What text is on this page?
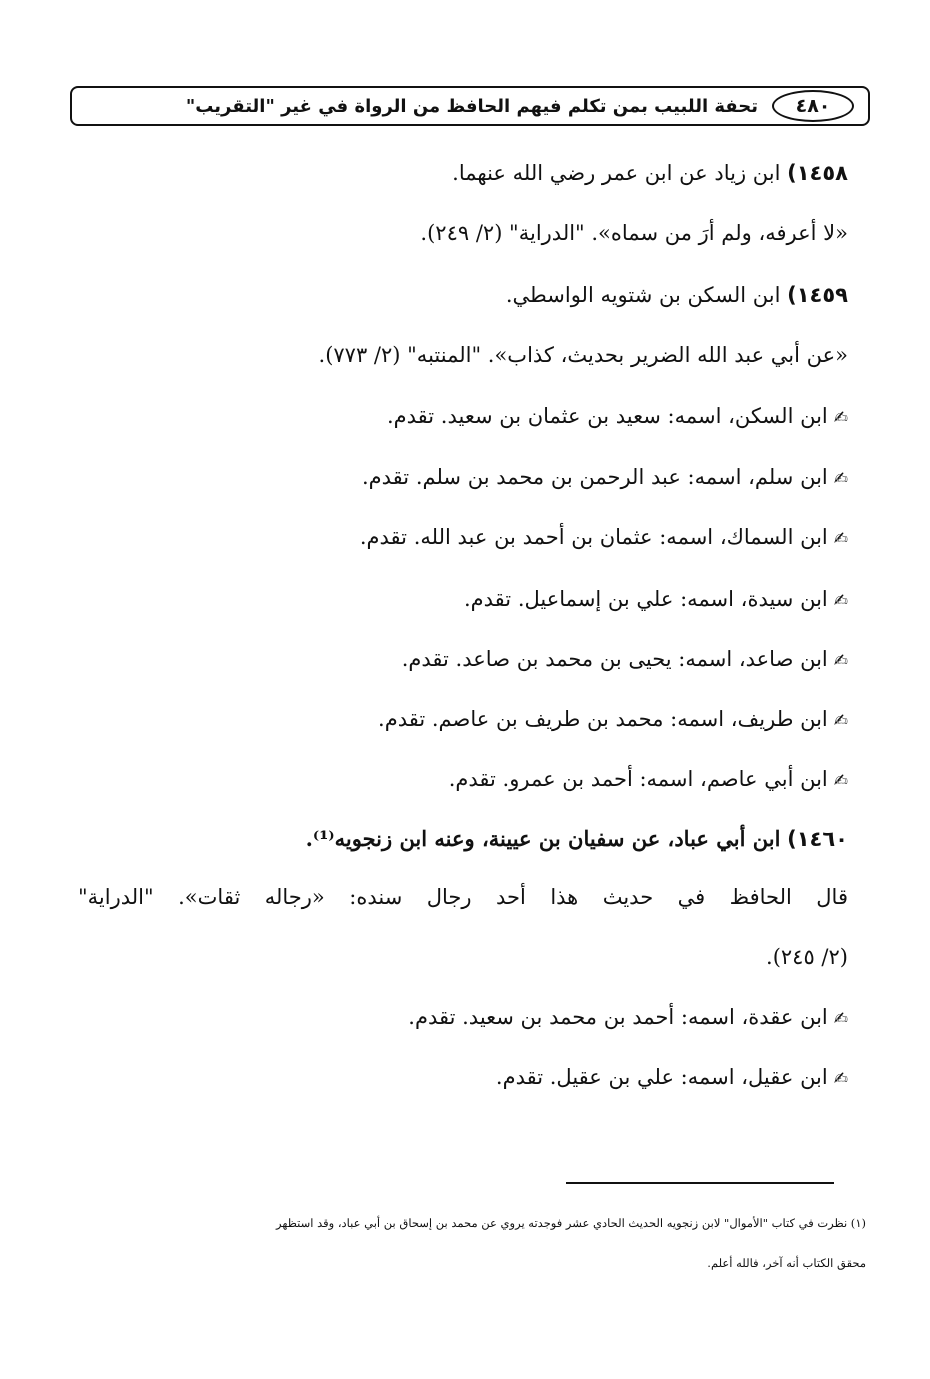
٤٨٠
تحفة اللبيب بمن تكلم فيهم الحافظ من الرواة في غير "التقريب"
١٤٥٨) ابن زياد عن ابن عمر رضي الله عنهما.
«لا أعرفه، ولم أرَ من سماه». "الدراية" (٢/ ٢٤٩).
١٤٥٩) ابن السكن بن شتويه الواسطي.
«عن أبي عبد الله الضرير بحديث، كذاب». "المنتبه" (٢/ ٧٧٣).
✍ابن السكن، اسمه: سعيد بن عثمان بن سعيد. تقدم.
✍ابن سلم، اسمه: عبد الرحمن بن محمد بن سلم. تقدم.
✍ابن السماك، اسمه: عثمان بن أحمد بن عبد الله. تقدم.
✍ابن سيدة، اسمه: علي بن إسماعيل. تقدم.
✍ابن صاعد، اسمه: يحيى بن محمد بن صاعد. تقدم.
✍ابن طريف، اسمه: محمد بن طريف بن عاصم. تقدم.
✍ابن أبي عاصم، اسمه: أحمد بن عمرو. تقدم.
١٤٦٠) ابن أبي عباد، عن سفيان بن عيينة، وعنه ابن زنجويه⁽¹⁾.
قال الحافظ في حديث هذا أحد رجال سنده: «رجاله ثقات». "الدراية"
(٢/ ٢٤٥).
✍ابن عقدة، اسمه: أحمد بن محمد بن سعيد. تقدم.
✍ابن عقيل، اسمه: علي بن عقيل. تقدم.
(١) نظرت في كتاب "الأموال" لابن زنجويه الحديث الحادي عشر فوجدته يروي عن محمد بن إسحاق بن أبي عباد، وقد استظهر
محقق الكتاب أنه آخر، فالله أعلم.
